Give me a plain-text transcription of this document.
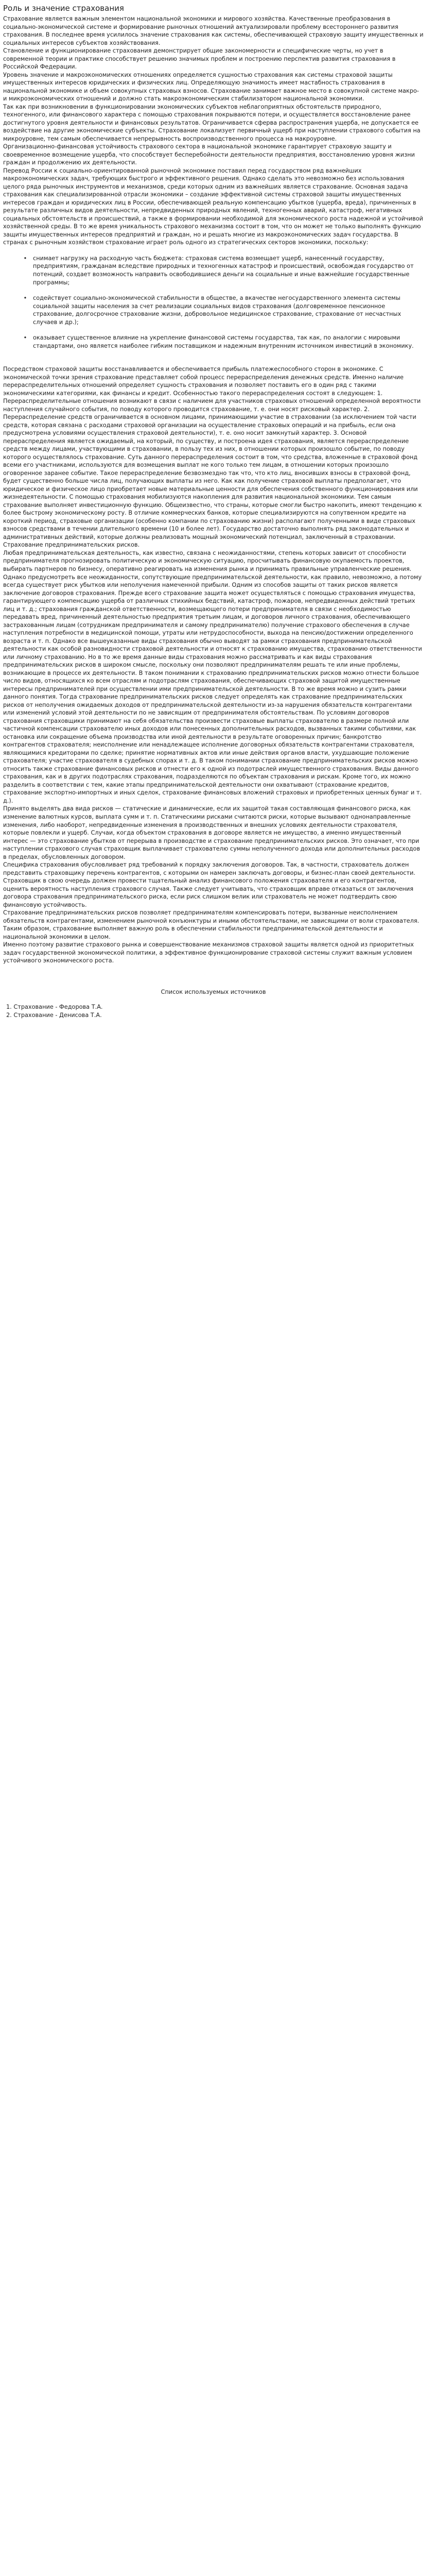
Роль и значение страхования

Страхование является важным элементом национальной экономики и мирового хозяйства. Качественные преобразования в социально-экономической системе и формирование рыночных отношений актуализировали проблему всестороннего развития страхования. В последнее время усилилось значение страхования как системы, обеспечивающей страховую защиту имущественных и социальных интересов субъектов хозяйствования.

Становление и функционирование страхования демонстрирует общие закономерности и специфические черты, но учет в современной теории и практике способствует решению значимых проблем и построению перспектив развития страхования в Российской Федерации.

Уровень значение и макроэкономических отношениях определяется сущностью страхования как системы страховой защиты имущественных интересов юридических и физических лиц. Определяющую значимость имеет мастабность страхования в национальной экономике и объем совокупных страховых взносов. Страхование занимает важное место в совокупной системе макро- и микроэкономических отношений и должно стать макроэкономическим стабилизатором национальной экономики.

Так как при возникновении в функционировании экономических субъектов неблагоприятных обстоятельств природного, техногенного, или финансового характера с помощью страхования покрываются потери, и осуществляется восстановление ранее достигнутого уровня деятельности и финансовых результатов. Ограничивается сферва распространения ущерба, не допускается ее воздействие на другие экономические субъекты. Страхование локализует первичный ущерб при наступлении страхового события на микроуровне, тем самым обеспечивается непрерывность воспроизводственного процесса на макроуровне.

Организационно-финансовая устойчивость страхового сектора в национальной экономике гарантирует страховую защиту и своевременное возмещение ущерба, что способствует бесперебойности деятельности предприятия, восстановлению уровня жизни граждан и продолжению их деятельности.

Перевод России к социально-ориентированной рыночной экономике поставил перед государством ряд важнейших макроэкономических задач, требующих быстрого и эффективного решения. Однако сделать это невозможно без использования целого ряда рыночных инструментов и механизмов, среди которых одним из важнейших является страхование. Основная задача страхования как специализированной отрасли экономики – создание эффективной системы страховой защиты имущественных интересов граждан и юридических лиц в России, обеспечивающей реальную компенсацию убытков (ущерба, вреда), причиненных в результате различных видов деятельности, непредвиденных природных явлений, техногенных аварий, катастроф, негативных социальных обстоятельств и происшествий, а также в формировании необходимой для экономического роста надежной и устойчивой хозяйственной среды. В то же время уникальность страхового механизма состоит в том, что он может не только выполнять функцию защиты имущественных интересов предприятий и граждан, но и решать многие из макроэкономических задач государства. В странах с рыночным хозяйством страхование играет роль одного из стратегических секторов экономики, поскольку:

•	снимает нагрузку на расходную часть бюджета: страховая система возмещает ущерб, нанесенный государству, предприятиям, гражданам вследствие природных и техногенных катастроф и происшествий, освобождая государство от потенций, создает возможность направить освободившиеся деньги на социальные и иные важнейшие государственные программы;
•	содействует социально-экономической стабильности в обществе, а вкачестве негосударственного элемента системы социальной защиты населения за счет реализации социальных видов страхования (долговременное пенсионное страхование, долгосрочное страхование жизни, добровольное медицинское страхование, страхование от несчастных случаев и др.);
•	оказывает существенное влияние на укрепление финансовой системы государства, так как, по аналогии с мировыми стандартами, оно является наиболее гибким поставщиком и надежным внутренним источником инвестиций в экономику.

Посредством страховой защиты восстанавливается и обеспечивается прибыль платежеспособного сторон в экономике. С экономической точки зрения страхование представляет собой процесс перераспределения денежных средств. Именно наличие перераспределительных отношений определяет сущность страхования и позволяет поставить его в один ряд с такими экономическими категориями, как финансы и кредит. Особенностью такого перераспределения состоят в следующем: 1. Перераспределительные отношения возникают в связи с наличием для участников страховых отношений определенной вероятности наступления случайного события, по поводу которого проводится страхование, т. е. они носят рисковый характер. 2. Перераспределение средств ограничивается в основном лицами, принимающими участие в страховании (за исключением той части средств, которая связана с расходами страховой организации на осуществление страховых операций и на прибыль, если она предусмотрена условиями осуществления страховой деятельности), т. е. оно носит замкнутый характер. 3. Основой перераспределения является ожидаемый, на который, по существу, и построена идея страхования, является перераспределение средств между лицами, участвующими в страховании, в пользу тех из них, в отношении которых произошло событие, по поводу которого осуществлялось страхование. Суть данного перераспределения состоит в том, что средства, вложенные в страховой фонд всеми его участниками, используются для возмещения выплат не кого только тем лицам, в отношении которых произошло оговоренное заранее событие. Такое перераспределение безвозмездно так что, что кто лиц, вносивших взносы в страховой фонд, будет существенно больше числа лиц, получающих выплаты из него. Как как получение страховой выплаты предполагает, что юридическое и физическое лицо приобретает новые материальные ценности для обеспечения собственного функционирования или жизнедеятельности. С помощью страхования мобилизуются накопления для развития национальной экономики. Тем самым страхование выполняет инвестиционную функцию. Общеизвестно, что страны, которые смогли быстро накопить, имеют тенденцию к более быстрому экономическому росту. В отличие коммерческих банков, которые специализируются на сопутвенном кредите на короткий период, страховые организации (особенно компании по страхованию жизни) располагают полученными в виде страховых взносов средствами в течении длительного времени (10 и более лет). Государство достаточно выполнять ряд законодательных и административных действий, которые должны реализовать мощный экономический потенциал, заключенный в страховании.

Страхование предпринимательских рисков.

Любая предпринимательская деятельность, как известно, связана с неожиданностями, степень которых зависит от способности предпринимателя прогнозировать политическую и экономическую ситуацию, просчитывать финансовую окупаемость проектов, выбирать партнеров по бизнесу, оперативно реагировать на изменения рынка и принимать правильные управленческие решения. Однако предусмотреть все неожиданности, сопутствующие предпринимательской деятельности, как правило, невозможно, а потому всегда существует риск убытков или неполучения намеченной прибыли. Одним из способов защиты от таких рисков является заключение договоров страхования. Прежде всего страхование защита может осуществляться с помощью страхования имущества, гарантирующего компенсацию ущерба от различных стихийных бедствий, катастроф, пожаров, непредвиденных действий третьих лиц и т. д.; страхования гражданской ответственности, возмещающего потери предпринимателя в связи с необходимостью передавать вред, причиненный деятельностью предприятия третьим лицам, и договоров личного страхования, обеспечивающего застрахованным лицам (сотрудникам предпринимателя и самому предпринимателю) получение страхового обеспечения в случае наступления потребности в медицинской помощи, утраты или нетрудоспособности, выхода на пенсию/достижении определенного возраста и т. п. Однако все вышеуказанные виды страхования обычно выводят за рамки страхования предпринимательской деятельности как особой разновидности страховой деятельности и относят к страхованию имущества, страхованию ответственности или личному страхованию. Но в то же время данные виды страхования можно рассматривать и как виды страхования предпринимательских рисков в широком смысле, поскольку они позволяют предпринимателям решать те или иные проблемы, возникающие в процессе их деятельности. В таком понимании к страхованию предпринимательских рисков можно отнести большое число видов, относящихся ко всем отраслям и подотраслям страхования, обеспечивающих страховой защитой имущественные интересы предпринимателей при осуществлении ими предпринимательской деятельности. В то же время можно и сузить рамки данного понятия. Тогда страхование предпринимательских рисков следует определять как страхование предпринимательских рисков от неполучения ожидаемых доходов от предпринимательской деятельности из-за нарушения обязательств контрагентами или изменений условий этой деятельности по не зависящим от предпринимателя обстоятельствам. По условиям договоров страхования страховщики принимают на себя обязательства произвести страховые выплаты страхователю в размере полной или частичной компенсации страхователю иных доходов или понесенных дополнительных расходов, вызванных такими событиями, как остановка или сокращение объема производства или иной деятельности в результате оговоренных причин; банкротство контрагентов страхователя; неисполнение или ненадлежащее исполнение договорных обязательств контрагентами страхователя, являющимися кредиторами по сделке; принятие нормативных актов или иные действия органов власти, ухудшающие положение страхователя; участие страхователя в судебных спорах и т. д. В таком понимании страхование предпринимательских рисков можно относить также страхование финансовых рисков и отнести его к одной из подотраслей имущественного страхования. Виды данного страхования, как и в других подотраслях страхования, подразделяются по объектам страхования и рискам. Кроме того, их можно разделить в соответствии с тем, какие этапы предпринимательской деятельности они охватывают (страхование кредитов, страхование экспортно-импортных и иных сделок, страхование финансовых вложений страховых и приобретенных ценных бумаг и т. д.).

Принято выделять два вида рисков — статические и динамические, если их защитой такая составляющая финансового риска, как изменение валютных курсов, выплата сумм и т. п. Статическими рисками считаются риски, которые вызывают однонаправленные изменения, либо наоборот, непредвиденные изменения в производственных и внешних условиях деятельности страхователя, которые повлекли и ущерб. Случаи, когда объектом страхования в договоре является не имущество, а именно имущественный интерес — это страхование убытков от перерыва в производстве и страхование предпринимательских рисков. Это означает, что при наступлении страхового случая страховщик выплачивает страхователю суммы неполученного дохода или дополнительных расходов в пределах, обусловленных договором.

Специфика страхования обусловливает ряд требований к порядку заключения договоров. Так, в частности, страхователь должен представить страховщику перечень контрагентов, с которыми он намерен заключать договоры, и бизнес-план своей деятельности. Страховщик в свою очередь должен провести тщательный анализ финансового положения страхователя и его контрагентов, оценить вероятность наступления страхового случая. Также следует учитывать, что страховщик вправе отказаться от заключения договора страхования предпринимательского риска, если риск слишком велик или страхователь не может подтвердить свою финансовую устойчивость.

Страхование предпринимательских рисков позволяет предпринимателям компенсировать потери, вызванные неисполнением обязательств контрагентами, изменением рыночной конъюнктуры и иными обстоятельствами, не зависящими от воли страхователя. Таким образом, страхование выполняет важную роль в обеспечении стабильности предпринимательской деятельности и национальной экономики в целом.

Именно поэтому развитие страхового рынка и совершенствование механизмов страховой защиты является одной из приоритетных задач государственной экономической политики, а эффективное функционирование страховой системы служит важным условием устойчивого экономического роста.

Список используемых источников

1. Страхование - Федорова Т.А.
2. Страхование - Денисова Т.А.
